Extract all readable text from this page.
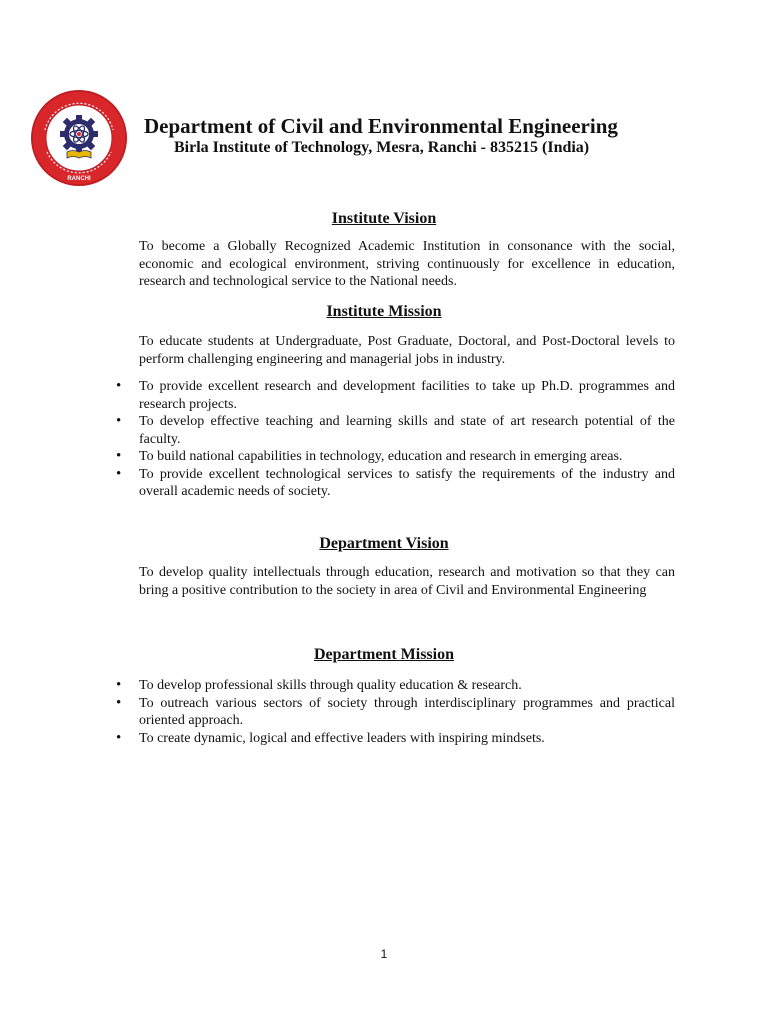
RANCHI
Department of Civil and Environmental Engineering
Birla Institute of Technology, Mesra, Ranchi - 835215 (India)
Institute Vision

To become a Globally Recognized Academic Institution in consonance with the social, economic and ecological environment, striving continuously for excellence in education, research and technological service to the National needs.

Institute Mission

To educate students at Undergraduate, Post Graduate, Doctoral, and Post-Doctoral levels to perform challenging engineering and managerial jobs in industry.

• To provide excellent research and development facilities to take up Ph.D. programmes and research projects.
• To develop effective teaching and learning skills and state of art research potential of the faculty.
• To build national capabilities in technology, education and research in emerging areas.
• To provide excellent technological services to satisfy the requirements of the industry and overall academic needs of society.
Department Vision

To develop quality intellectuals through education, research and motivation so that they can bring a positive contribution to the society in area of Civil and Environmental Engineering

Department Mission
• To develop professional skills through quality education & research.
• To outreach various sectors of society through interdisciplinary programmes and practical oriented approach.
• To create dynamic, logical and effective leaders with inspiring mindsets.
1
